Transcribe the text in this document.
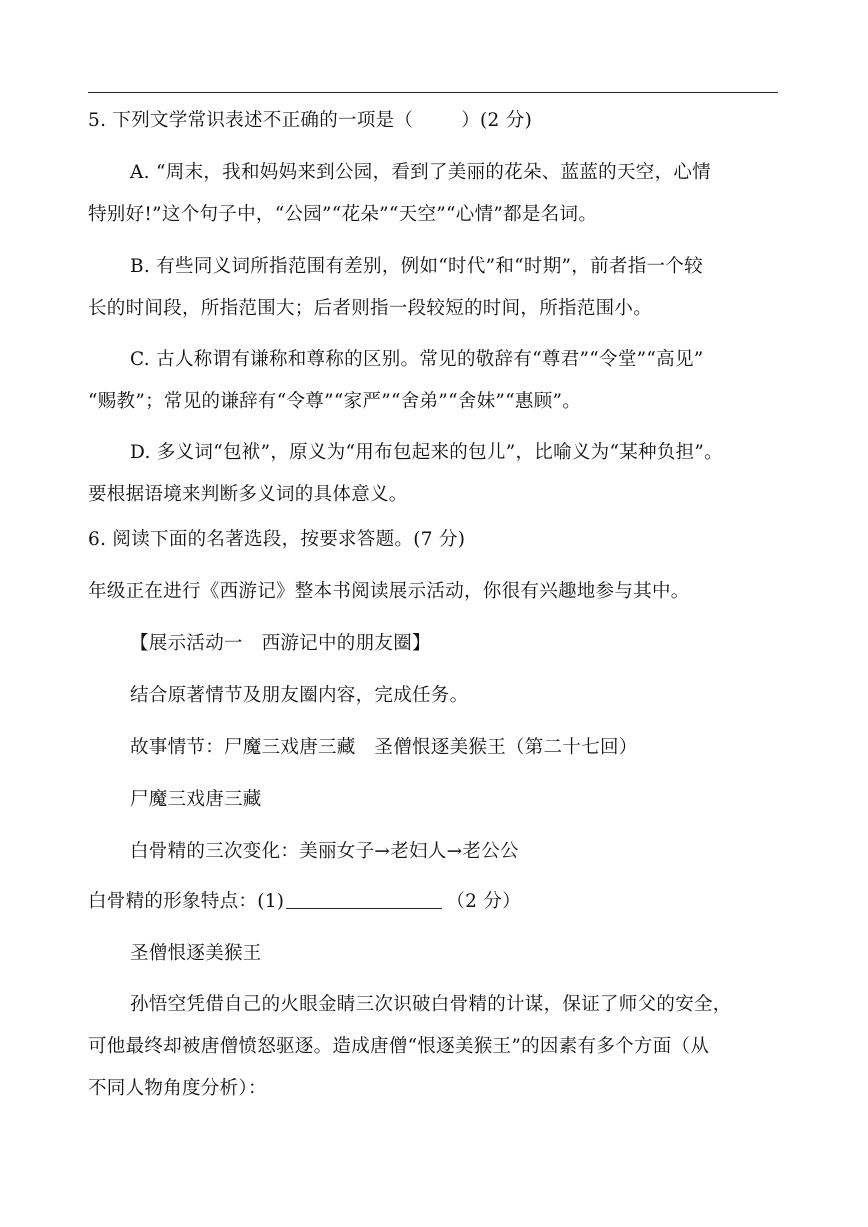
5. 下列文学常识表述不正确的一项是（	）(2 分)
A. “周末，我和妈妈来到公园，看到了美丽的花朵、蓝蓝的天空，心情
特别好!”这个句子中，“公园”“花朵”“天空”“心情”都是名词。
B. 有些同义词所指范围有差别，例如“时代”和“时期”，前者指一个较
长的时间段，所指范围大；后者则指一段较短的时间，所指范围小。
C. 古人称谓有谦称和尊称的区别。常见的敬辞有“尊君”“令堂”“高见”
“赐教”；常见的谦辞有“令尊”“家严”“舍弟”“舍妹”“惠顾”。
D. 多义词“包袱”，原义为“用布包起来的包儿”，比喻义为“某种负担”。
要根据语境来判断多义词的具体意义。
6. 阅读下面的名著选段，按要求答题。(7 分)
年级正在进行《西游记》整本书阅读展示活动，你很有兴趣地参与其中。
【展示活动一　西游记中的朋友圈】
结合原著情节及朋友圈内容，完成任务。
故事情节：尸魔三戏唐三藏　圣僧恨逐美猴王（第二十七回）
尸魔三戏唐三藏
白骨精的三次变化：美丽女子→老妇人→老公公
白骨精的形象特点：(1)	（2 分）
圣僧恨逐美猴王
孙悟空凭借自己的火眼金睛三次识破白骨精的计谋，保证了师父的安全，
可他最终却被唐僧愤怒驱逐。造成唐僧“恨逐美猴王”的因素有多个方面（从
不同人物角度分析）：
